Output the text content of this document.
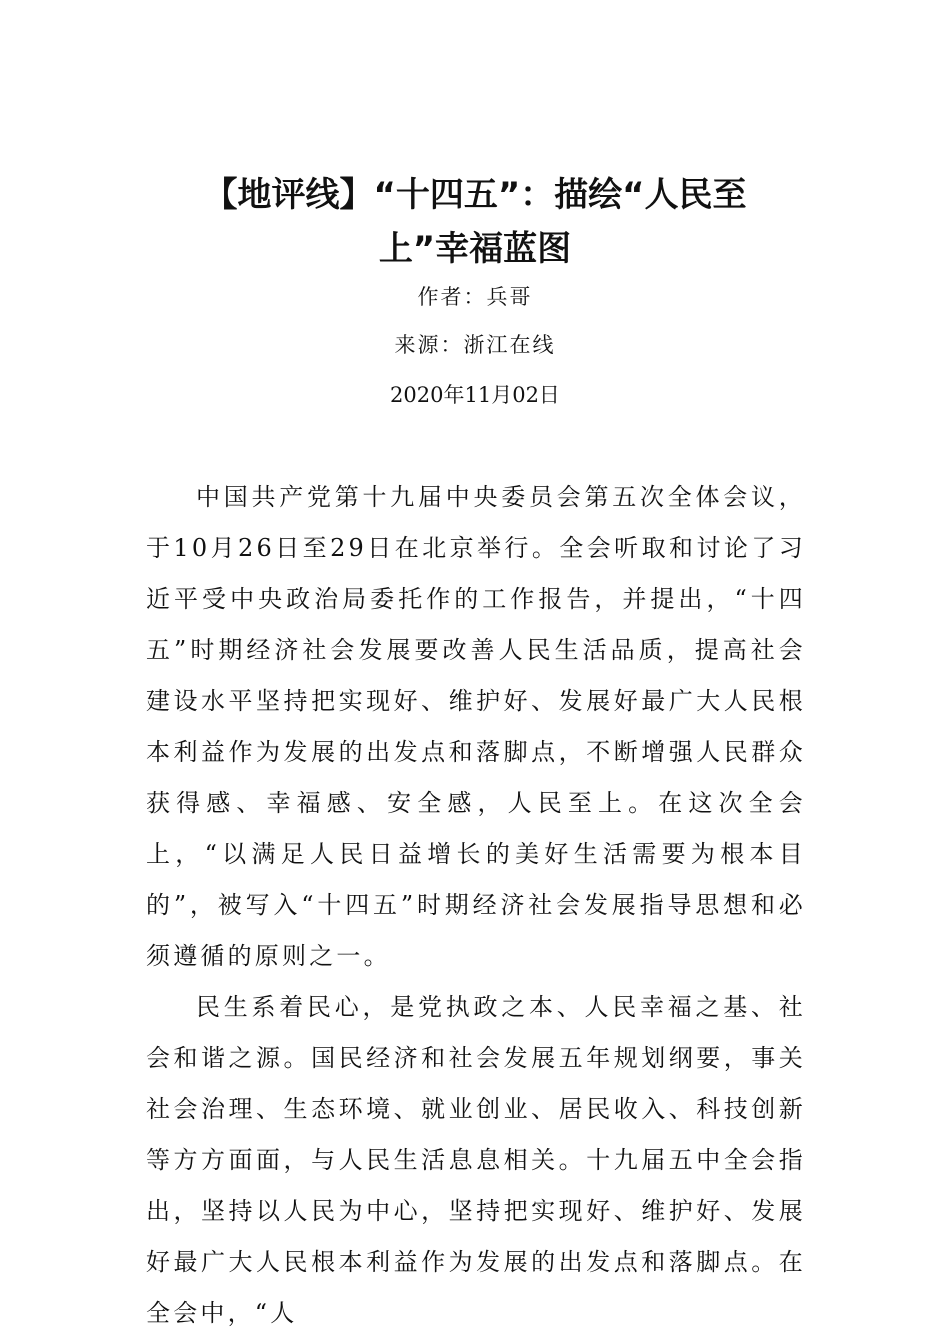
【地评线】“十四五”：描绘“人民至
上”幸福蓝图

作者：兵哥

来源：浙江在线

2020年11月02日

中国共产党第十九届中央委员会第五次全体会议，于10月26日至29日在北京举行。全会听取和讨论了习近平受中央政治局委托作的工作报告，并提出，“十四五”时期经济社会发展要改善人民生活品质，提高社会建设水平坚持把实现好、维护好、发展好最广大人民根本利益作为发展的出发点和落脚点，不断增强人民群众获得感、幸福感、安全感，人民至上。在这次全会上，“以满足人民日益增长的美好生活需要为根本目的”，被写入“十四五”时期经济社会发展指导思想和必须遵循的原则之一。

民生系着民心，是党执政之本、人民幸福之基、社会和谐之源。国民经济和社会发展五年规划纲要，事关社会治理、生态环境、就业创业、居民收入、科技创新等方方面面，与人民生活息息相关。十九届五中全会指出，坚持以人民为中心，坚持把实现好、维护好、发展好最广大人民根本利益作为发展的出发点和落脚点。在全会中，“人
